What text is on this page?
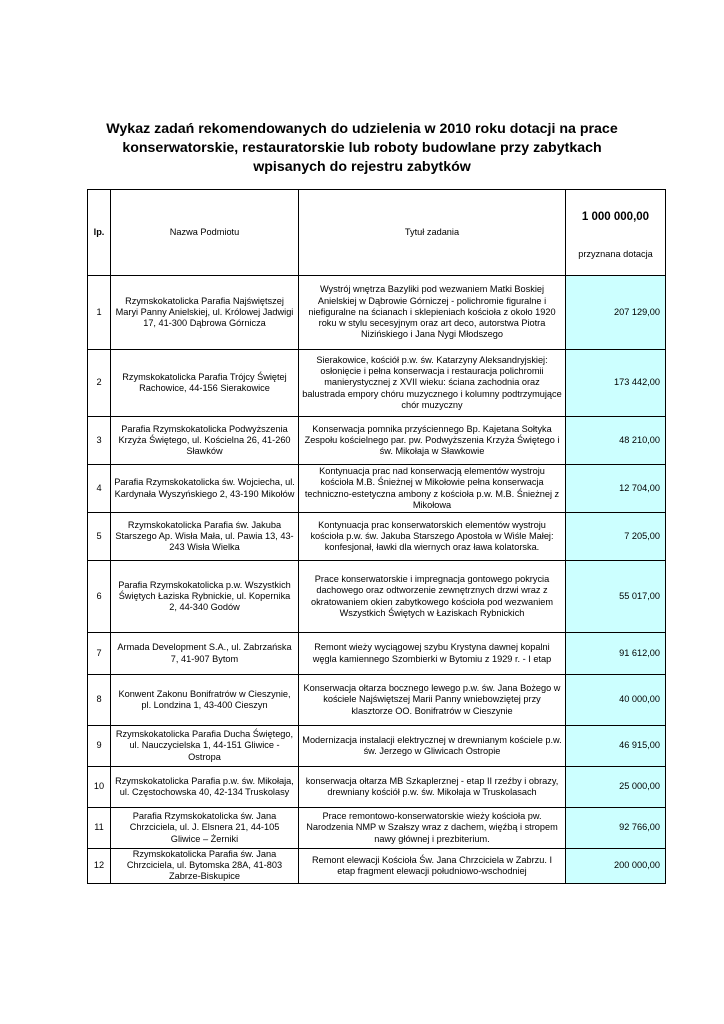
Wykaz zadań rekomendowanych do udzielenia w 2010 roku dotacji na prace konserwatorskie, restauratorskie lub roboty budowlane przy zabytkach wpisanych do rejestru zabytków
lp.	Nazwa Podmiotu	Tytuł zadania	1 000 000,00
przyznana dotacja

1	Rzymskokatolicka Parafia Najświętszej Maryi Panny Anielskiej, ul. Królowej Jadwigi 17, 41-300 Dąbrowa Górnicza	Wystrój wnętrza Bazyliki pod wezwaniem Matki Boskiej Anielskiej w Dąbrowie Górniczej - polichromie figuralne i niefiguralne na ścianach i sklepieniach kościoła z około 1920 roku w stylu secesyjnym oraz art deco, autorstwa Piotra Nizińskiego i Jana Nygi Młodszego	207 129,00
2	Rzymskokatolicka Parafia Trójcy Świętej Rachowice, 44-156 Sierakowice	Sierakowice, kościół p.w. św. Katarzyny Aleksandryjskiej: osłonięcie i pełna konserwacja i restauracja polichromii manierystycznej z XVII wieku: ściana zachodnia oraz balustrada empory chóru muzycznego i kolumny podtrzymujące chór muzyczny	173 442,00
3	Parafia Rzymskokatolicka Podwyższenia Krzyża Świętego, ul. Kościelna 26, 41-260 Sławków	Konserwacja pomnika przyściennego Bp. Kajetana Sołtyka Zespołu kościelnego par. pw. Podwyższenia Krzyża Świętego i św. Mikołaja w Sławkowie	48 210,00
4	Parafia Rzymskokatolicka św. Wojciecha, ul. Kardynała Wyszyńskiego 2, 43-190 Mikołów	Kontynuacja prac nad konserwacją elementów wystroju kościoła M.B. Śnieżnej w Mikołowie pełna konserwacja techniczno-estetyczna ambony z kościoła p.w. M.B. Śnieżnej z Mikołowa	12 704,00
5	Rzymskokatolicka Parafia św. Jakuba Starszego Ap. Wisła Mała, ul. Pawia 13, 43-243 Wisła Wielka	Kontynuacja prac konserwatorskich elementów wystroju kościoła p.w. św. Jakuba Starszego Apostoła w Wiśle Małej: konfesjonał, ławki dla wiernych oraz ława kolatorska.	7 205,00
6	Parafia Rzymskokatolicka p.w. Wszystkich Świętych Łaziska Rybnickie, ul. Kopernika 2, 44-340 Godów	Prace konserwatorskie i impregnacja gontowego pokrycia dachowego oraz odtworzenie zewnętrznych drzwi wraz z okratowaniem okien zabytkowego kościoła pod wezwaniem Wszystkich Świętych w Łaziskach Rybnickich	55 017,00
7	Armada Development S.A., ul. Zabrzańska 7, 41-907 Bytom	Remont wieży wyciągowej szybu Krystyna dawnej kopalni węgla kamiennego Szombierki w Bytomiu z 1929 r. - I etap	91 612,00
8	Konwent Zakonu Bonifratrów w Cieszynie, pl. Londzina 1, 43-400 Cieszyn	Konserwacja ołtarza bocznego lewego p.w. św. Jana Bożego w kościele Najświętszej Marii Panny wniebowziętej przy klasztorze OO. Bonifratrów w Cieszynie	40 000,00
9	Rzymskokatolicka Parafia Ducha Świętego, ul. Nauczycielska 1, 44-151 Gliwice - Ostropa	Modernizacja instalacji elektrycznej w drewnianym kościele p.w. św. Jerzego w Gliwicach Ostropie	46 915,00
10	Rzymskokatolicka Parafia p.w. św. Mikołaja, ul. Częstochowska 40, 42-134 Truskolasy	konserwacja ołtarza MB Szkaplerznej - etap II rzeźby i obrazy, drewniany kościół p.w. św. Mikołaja w Truskolasach	25 000,00
11	Parafia Rzymskokatolicka św. Jana Chrzciciela, ul. J. Elsnera 21, 44-105 Gliwice – Żerniki	Prace remontowo-konserwatorskie wieży kościoła pw. Narodzenia NMP w Szałszy wraz z dachem, więźbą i stropem nawy głównej i prezbiterium.	92 766,00
12	Rzymskokatolicka Parafia św. Jana Chrzciciela, ul. Bytomska 28A, 41-803 Zabrze-Biskupice	Remont elewacji Kościoła Św. Jana Chrzciciela w Zabrzu. I etap fragment elewacji południowo-wschodniej	200 000,00
